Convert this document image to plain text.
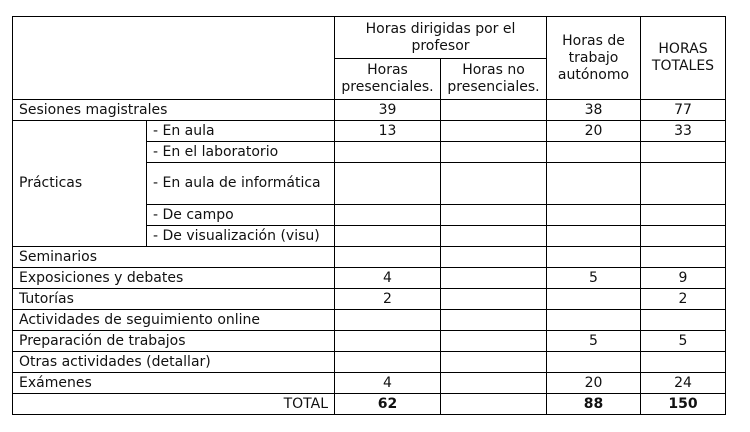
		Horas dirigidas por el profesor		Horas de trabajo autónomo	HORAS TOTALES
		Horas presenciales.	Horas no presenciales.		
Sesiones magistrales		39		38	77
Prácticas	- En aula	13		20	33
	- En el laboratorio				
	- En aula de informática				
	- De campo				
	- De visualización (visu)				
Seminarios					
Exposiciones y debates		4		5	9
Tutorías		2			2
Actividades de seguimiento online					
Preparación de trabajos				5	5
Otras actividades (detallar)					
Exámenes		4		20	24
TOTAL		62		88	150
